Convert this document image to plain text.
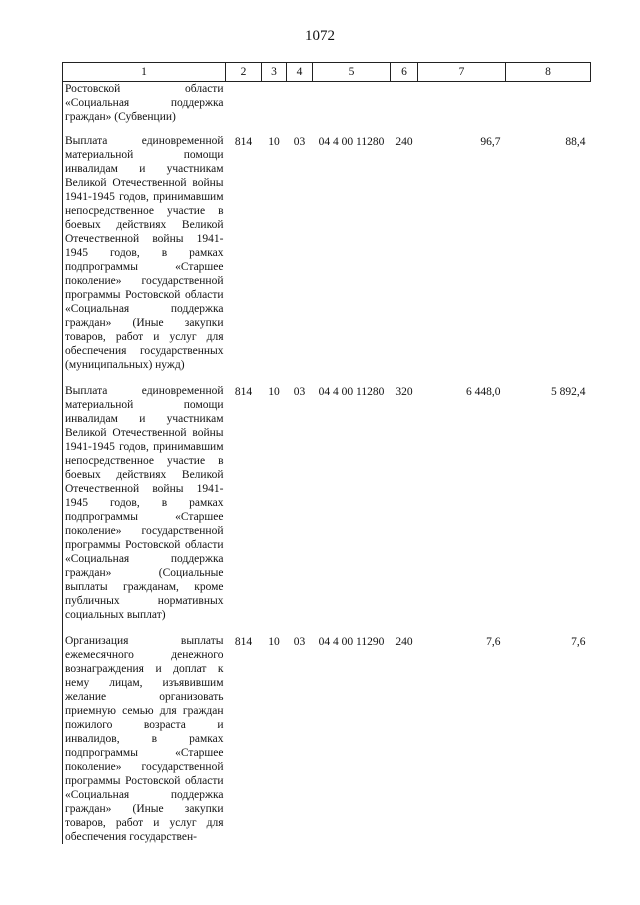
1072
1	2	3	4	5	6	7	8
Ростовской области «Социальная поддержка граждан» (Субвенции)							
Выплата единовременной материальной помощи инвалидам и участникам Великой Отечественной войны 1941-1945 годов, принимавшим непосредственное участие в боевых действиях Великой Отечественной войны 1941-1945 годов, в рамках подпрограммы «Старшее поколение» государственной программы Ростовской области «Социальная поддержка граждан» (Иные закупки товаров, работ и услуг для обеспечения государственных (муниципальных) нужд)	814	10	03	04 4 00 11280	240	96,7	88,4
Выплата единовременной материальной помощи инвалидам и участникам Великой Отечественной войны 1941-1945 годов, принимавшим непосредственное участие в боевых действиях Великой Отечественной войны 1941-1945 годов, в рамках подпрограммы «Старшее поколение» государственной программы Ростовской области «Социальная поддержка граждан» (Социальные выплаты гражданам, кроме публичных нормативных социальных выплат)	814	10	03	04 4 00 11280	320	6 448,0	5 892,4
Организация выплаты ежемесячного денежного вознаграждения и доплат к нему лицам, изъявившим желание организовать приемную семью для граждан пожилого возраста и инвалидов, в рамках подпрограммы «Старшее поколение» государственной программы Ростовской области «Социальная поддержка граждан» (Иные закупки товаров, работ и услуг для обеспечения государствен-	814	10	03	04 4 00 11290	240	7,6	7,6
